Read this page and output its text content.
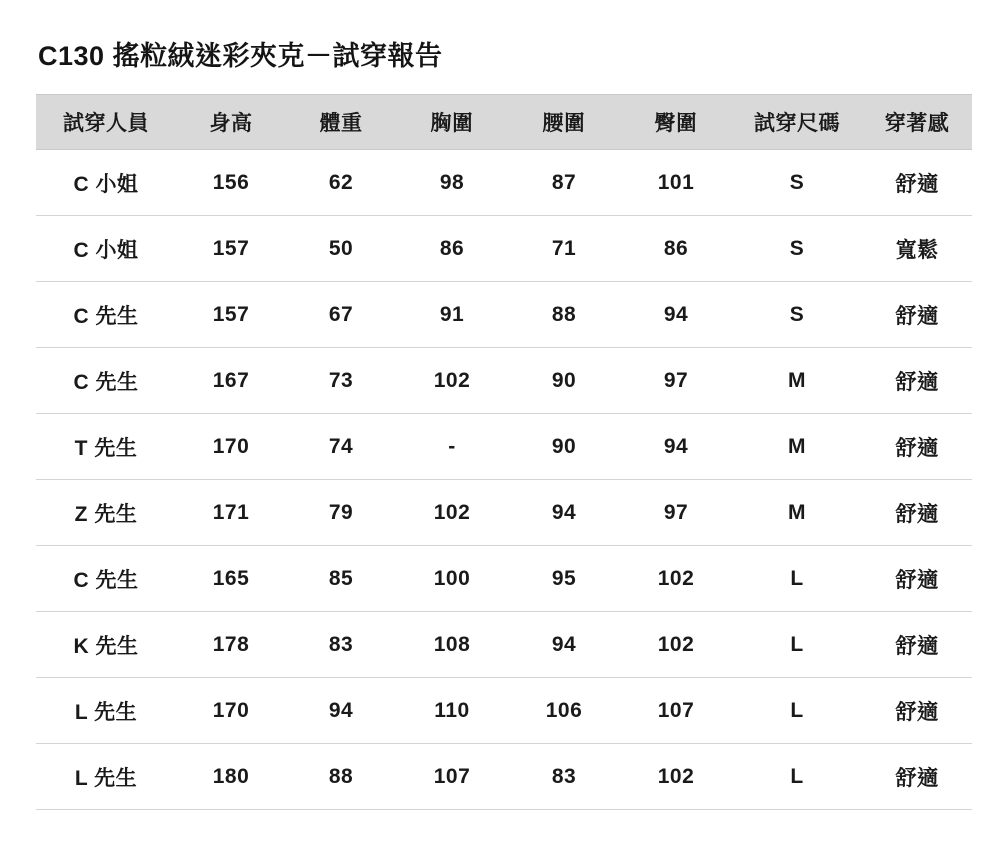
C130 搖粒絨迷彩夾克－試穿報告
試穿人員	身高	體重	胸圍	腰圍	臀圍	試穿尺碼	穿著感
C 小姐	156	62	98	87	101	S	舒適
C 小姐	157	50	86	71	86	S	寬鬆
C 先生	157	67	91	88	94	S	舒適
C 先生	167	73	102	90	97	M	舒適
T 先生	170	74	-	90	94	M	舒適
Z 先生	171	79	102	94	97	M	舒適
C 先生	165	85	100	95	102	L	舒適
K 先生	178	83	108	94	102	L	舒適
L 先生	170	94	110	106	107	L	舒適
L 先生	180	88	107	83	102	L	舒適
